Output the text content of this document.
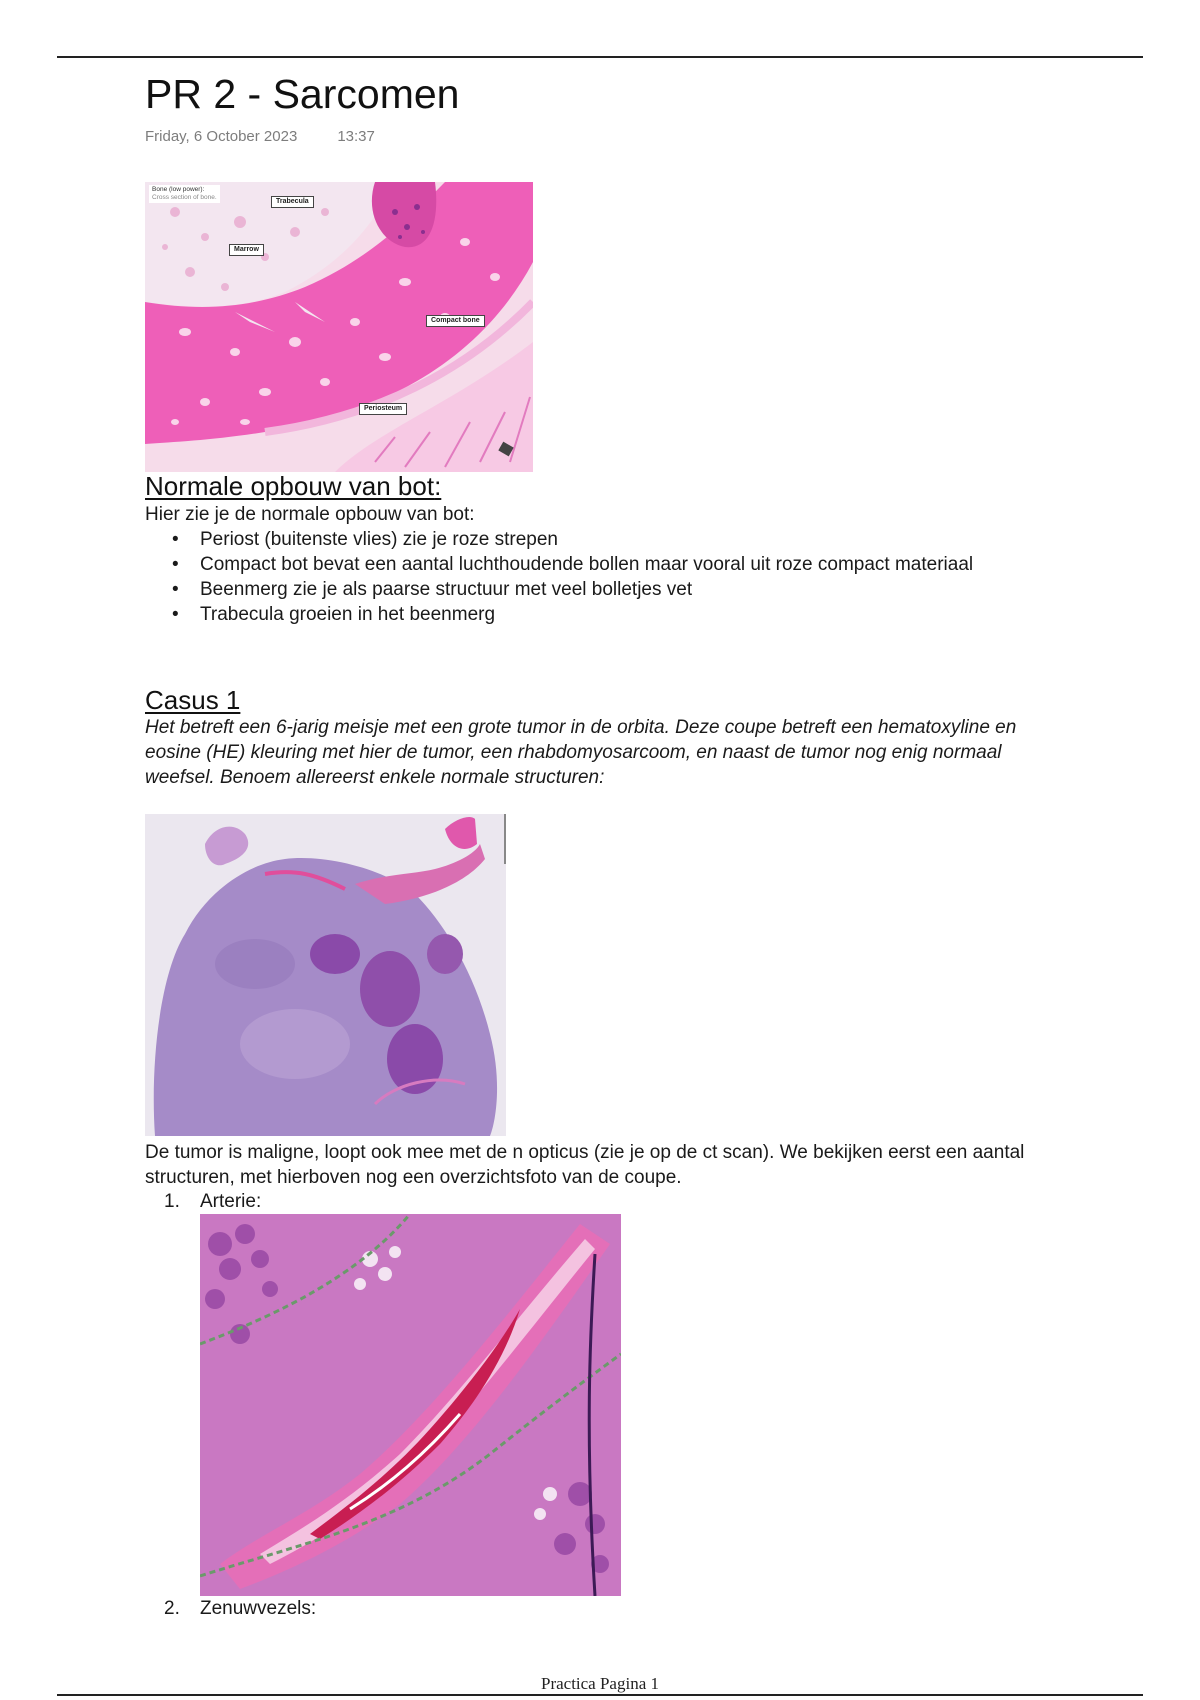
PR 2 - Sarcomen
Friday, 6 October 2023	13:37
Bone (low power):
Cross section of bone.
Trabecula
Marrow
Compact bone
Periosteum
Normale opbouw van bot:
Hier zie je de normale opbouw van bot:
• Periost (buitenste vlies) zie je roze strepen
• Compact bot bevat een aantal luchthoudende bollen maar vooral uit roze compact materiaal
• Beenmerg zie je als paarse structuur met veel bolletjes vet
• Trabecula groeien in het beenmerg
Casus 1
Het betreft een 6-jarig meisje met een grote tumor in de orbita. Deze coupe betreft een hematoxyline en eosine (HE) kleuring met hier de tumor, een rhabdomyosarcoom, en naast de tumor nog enig normaal weefsel. Benoem allereerst enkele normale structuren:
De tumor is maligne, loopt ook mee met de n opticus (zie je op de ct scan). We bekijken eerst een aantal structuren, met hierboven nog een overzichtsfoto van de coupe.
1. Arterie:
2. Zenuwvezels:
Practica Pagina 1
